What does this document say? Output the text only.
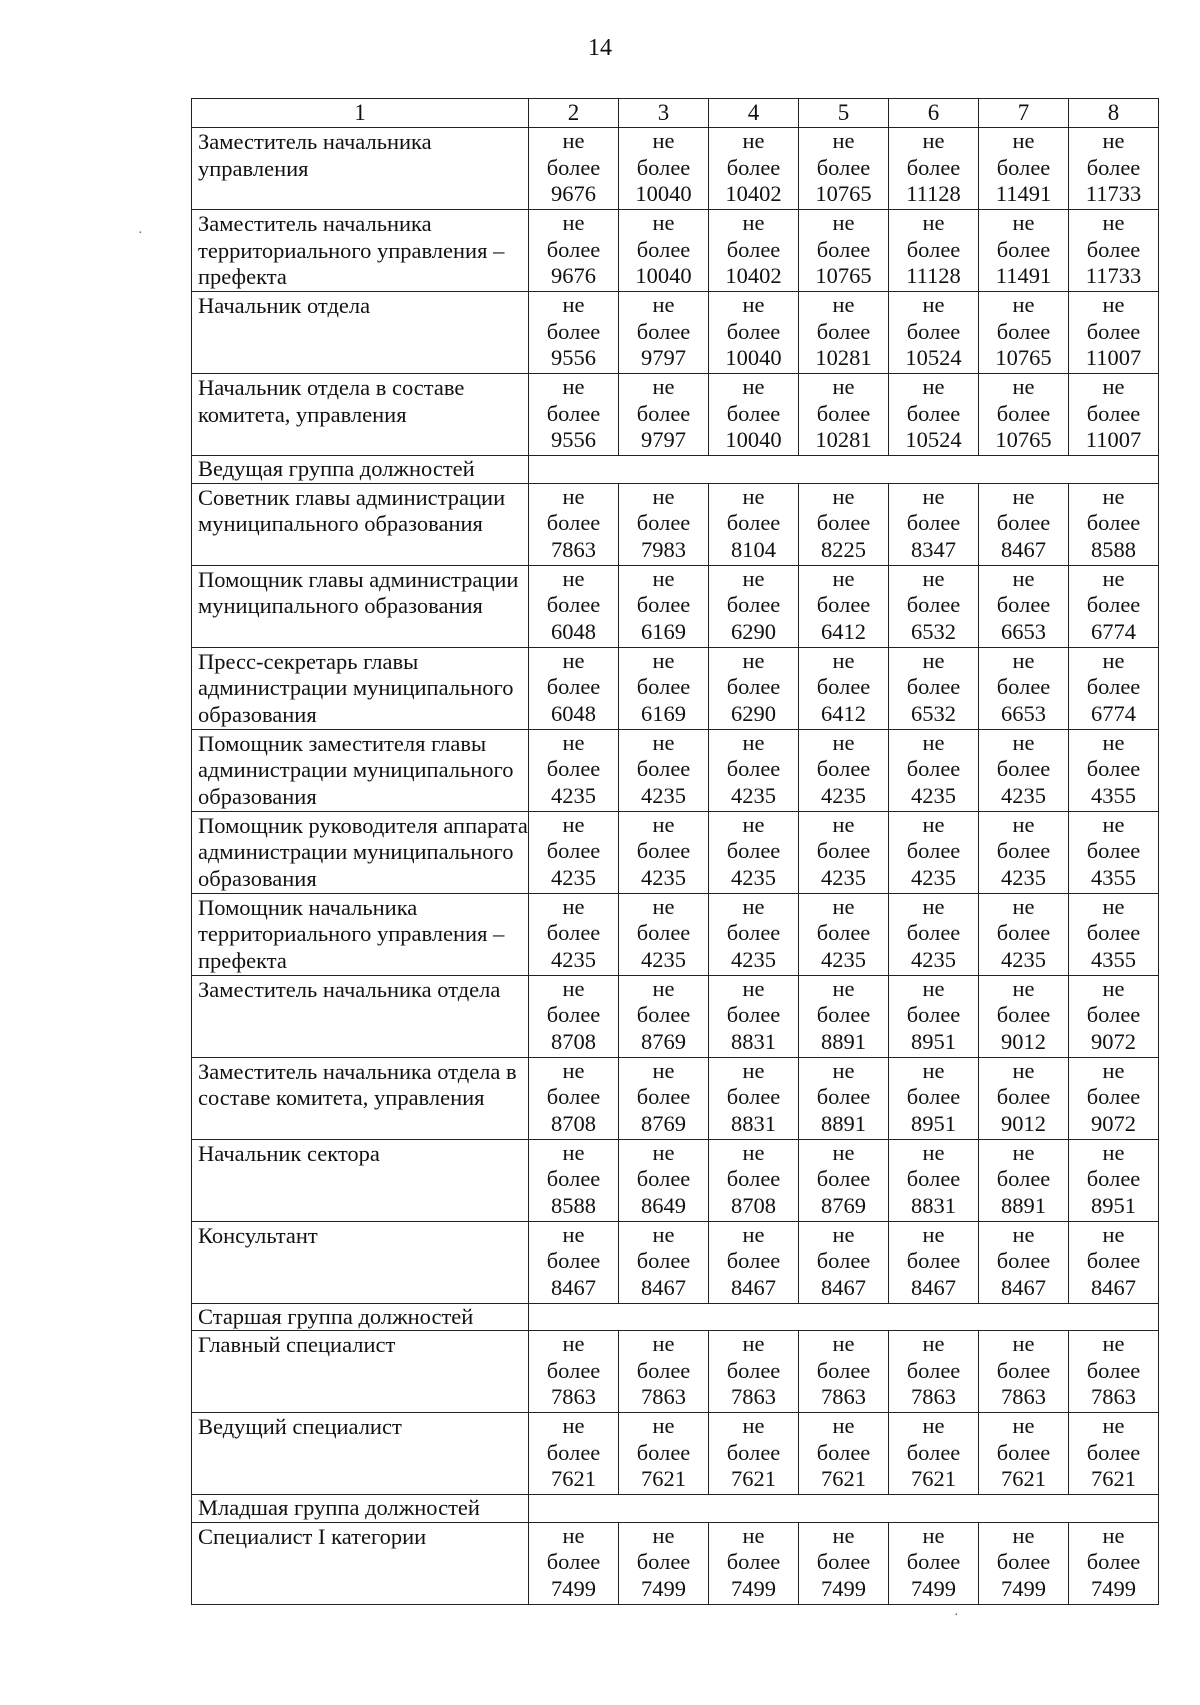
14
1	2	3	4	5	6	7	8
Заместитель начальника управления	не
более
9676	не
более
10040	не
более
10402	не
более
10765	не
более
11128	не
более
11491	не
более
11733

Заместитель начальника территориального управления – префекта	не
более
9676	не
более
10040	не
более
10402	не
более
10765	не
более
11128	не
более
11491	не
более
11733

Начальник отдела	не
более
9556	не
более
9797	не
более
10040	не
более
10281	не
более
10524	не
более
10765	не
более
11007

Начальник отдела в составе комитета, управления	не
более
9556	не
более
9797	не
более
10040	не
более
10281	не
более
10524	не
более
10765	не
более
11007

Ведущая группа должностей							
Советник главы администрации муниципального образования	не
более
7863	не
более
7983	не
более
8104	не
более
8225	не
более
8347	не
более
8467	не
более
8588

Помощник главы администрации муниципального образования	не
более
6048	не
более
6169	не
более
6290	не
более
6412	не
более
6532	не
более
6653	не
более
6774

Пресс-секретарь главы администрации муниципального образования	не
более
6048	не
более
6169	не
более
6290	не
более
6412	не
более
6532	не
более
6653	не
более
6774

Помощник заместителя главы администрации муниципального образования	не
более
4235	не
более
4235	не
более
4235	не
более
4235	не
более
4235	не
более
4235	не
более
4355

Помощник руководителя аппарата администрации муниципального образования	не
более
4235	не
более
4235	не
более
4235	не
более
4235	не
более
4235	не
более
4235	не
более
4355

Помощник начальника территориального управления – префекта	не
более
4235	не
более
4235	не
более
4235	не
более
4235	не
более
4235	не
более
4235	не
более
4355

Заместитель начальника отдела	не
более
8708	не
более
8769	не
более
8831	не
более
8891	не
более
8951	не
более
9012	не
более
9072

Заместитель начальника отдела в составе комитета, управления	не
более
8708	не
более
8769	не
более
8831	не
более
8891	не
более
8951	не
более
9012	не
более
9072

Начальник сектора	не
более
8588	не
более
8649	не
более
8708	не
более
8769	не
более
8831	не
более
8891	не
более
8951

Консультант	не
более
8467	не
более
8467	не
более
8467	не
более
8467	не
более
8467	не
более
8467	не
более
8467

Старшая группа должностей							
Главный специалист	не
более
7863	не
более
7863	не
более
7863	не
более
7863	не
более
7863	не
более
7863	не
более
7863

Ведущий специалист	не
более
7621	не
более
7621	не
более
7621	не
более
7621	не
более
7621	не
более
7621	не
более
7621

Младшая группа должностей							
Специалист I категории	не
более
7499	не
более
7499	не
более
7499	не
более
7499	не
более
7499	не
более
7499	не
более
7499
·
·
